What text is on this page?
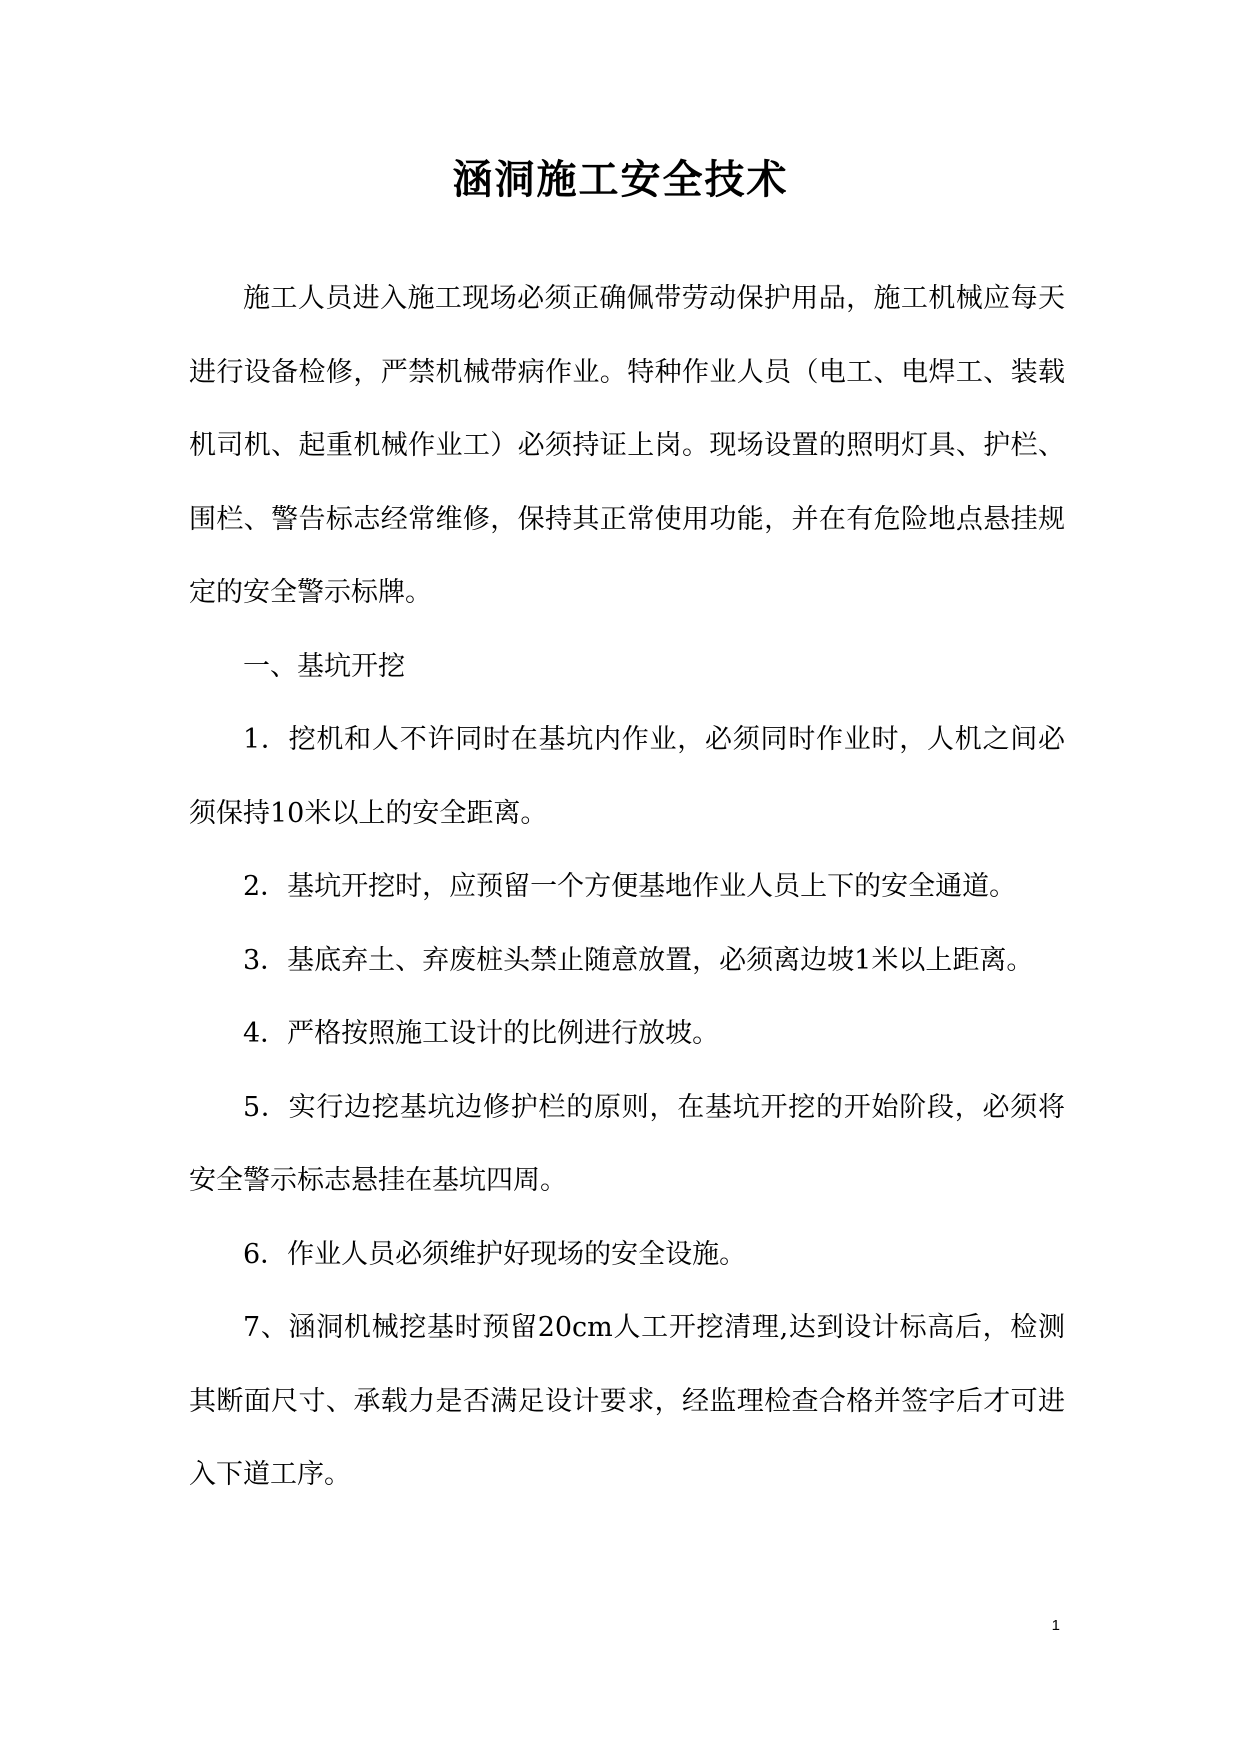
涵洞施工安全技术

施工人员进入施工现场必须正确佩带劳动保护用品，施工机械应每天进行设备检修，严禁机械带病作业。特种作业人员（电工、电焊工、装载机司机、起重机械作业工）必须持证上岗。现场设置的照明灯具、护栏、围栏、警告标志经常维修，保持其正常使用功能，并在有危险地点悬挂规定的安全警示标牌。

一、基坑开挖

1．挖机和人不许同时在基坑内作业，必须同时作业时，人机之间必须保持10米以上的安全距离。

2．基坑开挖时，应预留一个方便基地作业人员上下的安全通道。

3．基底弃土、弃废桩头禁止随意放置，必须离边坡1米以上距离。

4．严格按照施工设计的比例进行放坡。

5．实行边挖基坑边修护栏的原则，在基坑开挖的开始阶段，必须将安全警示标志悬挂在基坑四周。

6．作业人员必须维护好现场的安全设施。

7、涵洞机械挖基时预留20cm人工开挖清理,达到设计标高后，检测其断面尺寸、承载力是否满足设计要求，经监理检查合格并签字后才可进入下道工序。

1
